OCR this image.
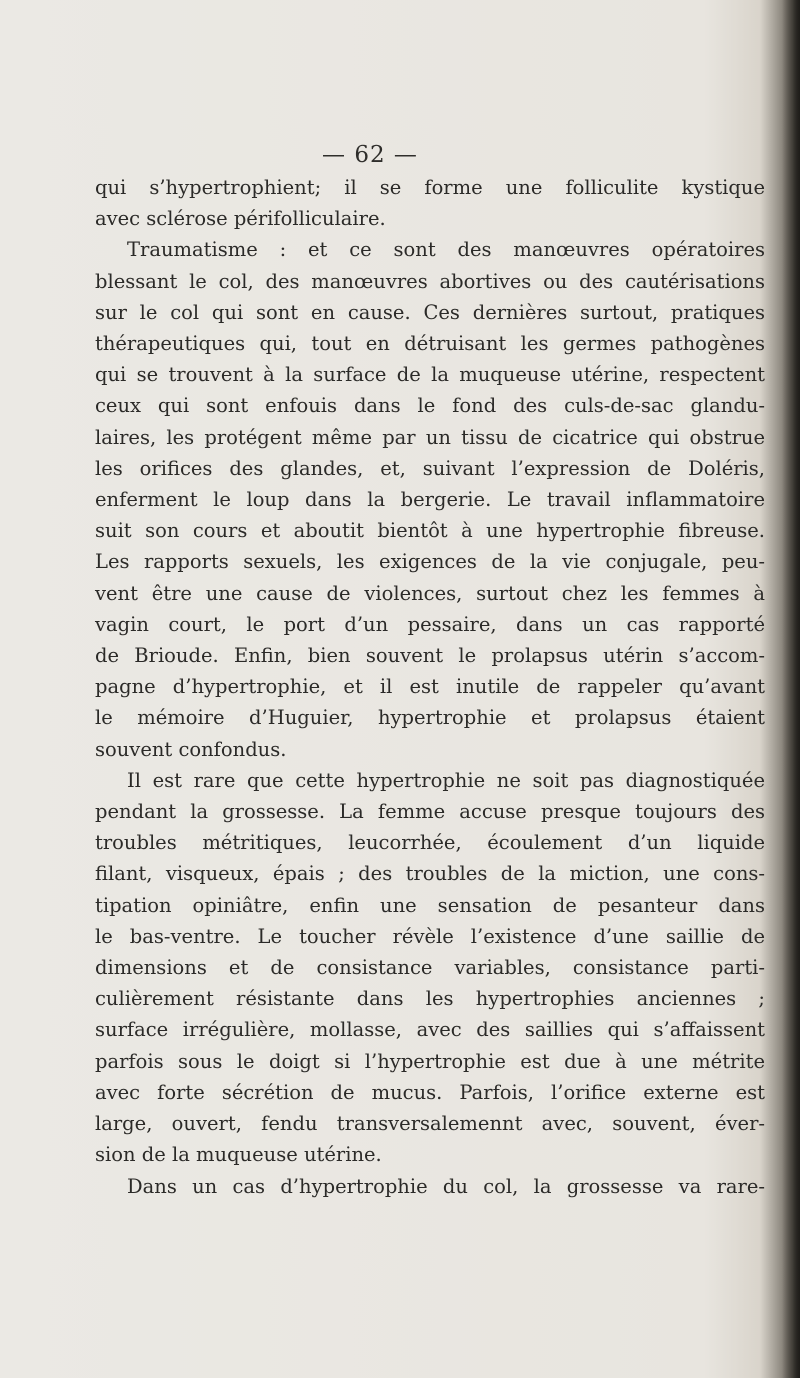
— 62 —

qui s’hypertrophient; il se forme une folliculite kystique
avec sclérose périfolliculaire.

Traumatisme : et ce sont des manœuvres opératoires
blessant le col, des manœuvres abortives ou des cautérisations
sur le col qui sont en cause. Ces dernières surtout, pratiques
thérapeutiques qui, tout en détruisant les germes pathogènes
qui se trouvent à la surface de la muqueuse utérine, respectent
ceux qui sont enfouis dans le fond des culs-de-sac glandu-
laires, les protégent même par un tissu de cicatrice qui obstrue
les orifices des glandes, et, suivant l’expression de Doléris,
enferment le loup dans la bergerie. Le travail inflammatoire
suit son cours et aboutit bientôt à une hypertrophie fibreuse.
Les rapports sexuels, les exigences de la vie conjugale, peu-
vent être une cause de violences, surtout chez les femmes à
vagin court, le port d’un pessaire, dans un cas rapporté
de Brioude. Enfin, bien souvent le prolapsus utérin s’accom-
pagne d’hypertrophie, et il est inutile de rappeler qu’avant
le mémoire d’Huguier, hypertrophie et prolapsus étaient
souvent confondus.

Il est rare que cette hypertrophie ne soit pas diagnostiquée
pendant la grossesse. La femme accuse presque toujours des
troubles métritiques, leucorrhée, écoulement d’un liquide
filant, visqueux, épais ; des troubles de la miction, une cons-
tipation opiniâtre, enfin une sensation de pesanteur dans
le bas-ventre. Le toucher révèle l’existence d’une saillie de
dimensions et de consistance variables, consistance parti-
culièrement résistante dans les hypertrophies anciennes ;
surface irrégulière, mollasse, avec des saillies qui s’affaissent
parfois sous le doigt si l’hypertrophie est due à une métrite
avec forte sécrétion de mucus. Parfois, l’orifice externe est
large, ouvert, fendu transversalemennt avec, souvent, éver-
sion de la muqueuse utérine.

Dans un cas d’hypertrophie du col, la grossesse va rare-
